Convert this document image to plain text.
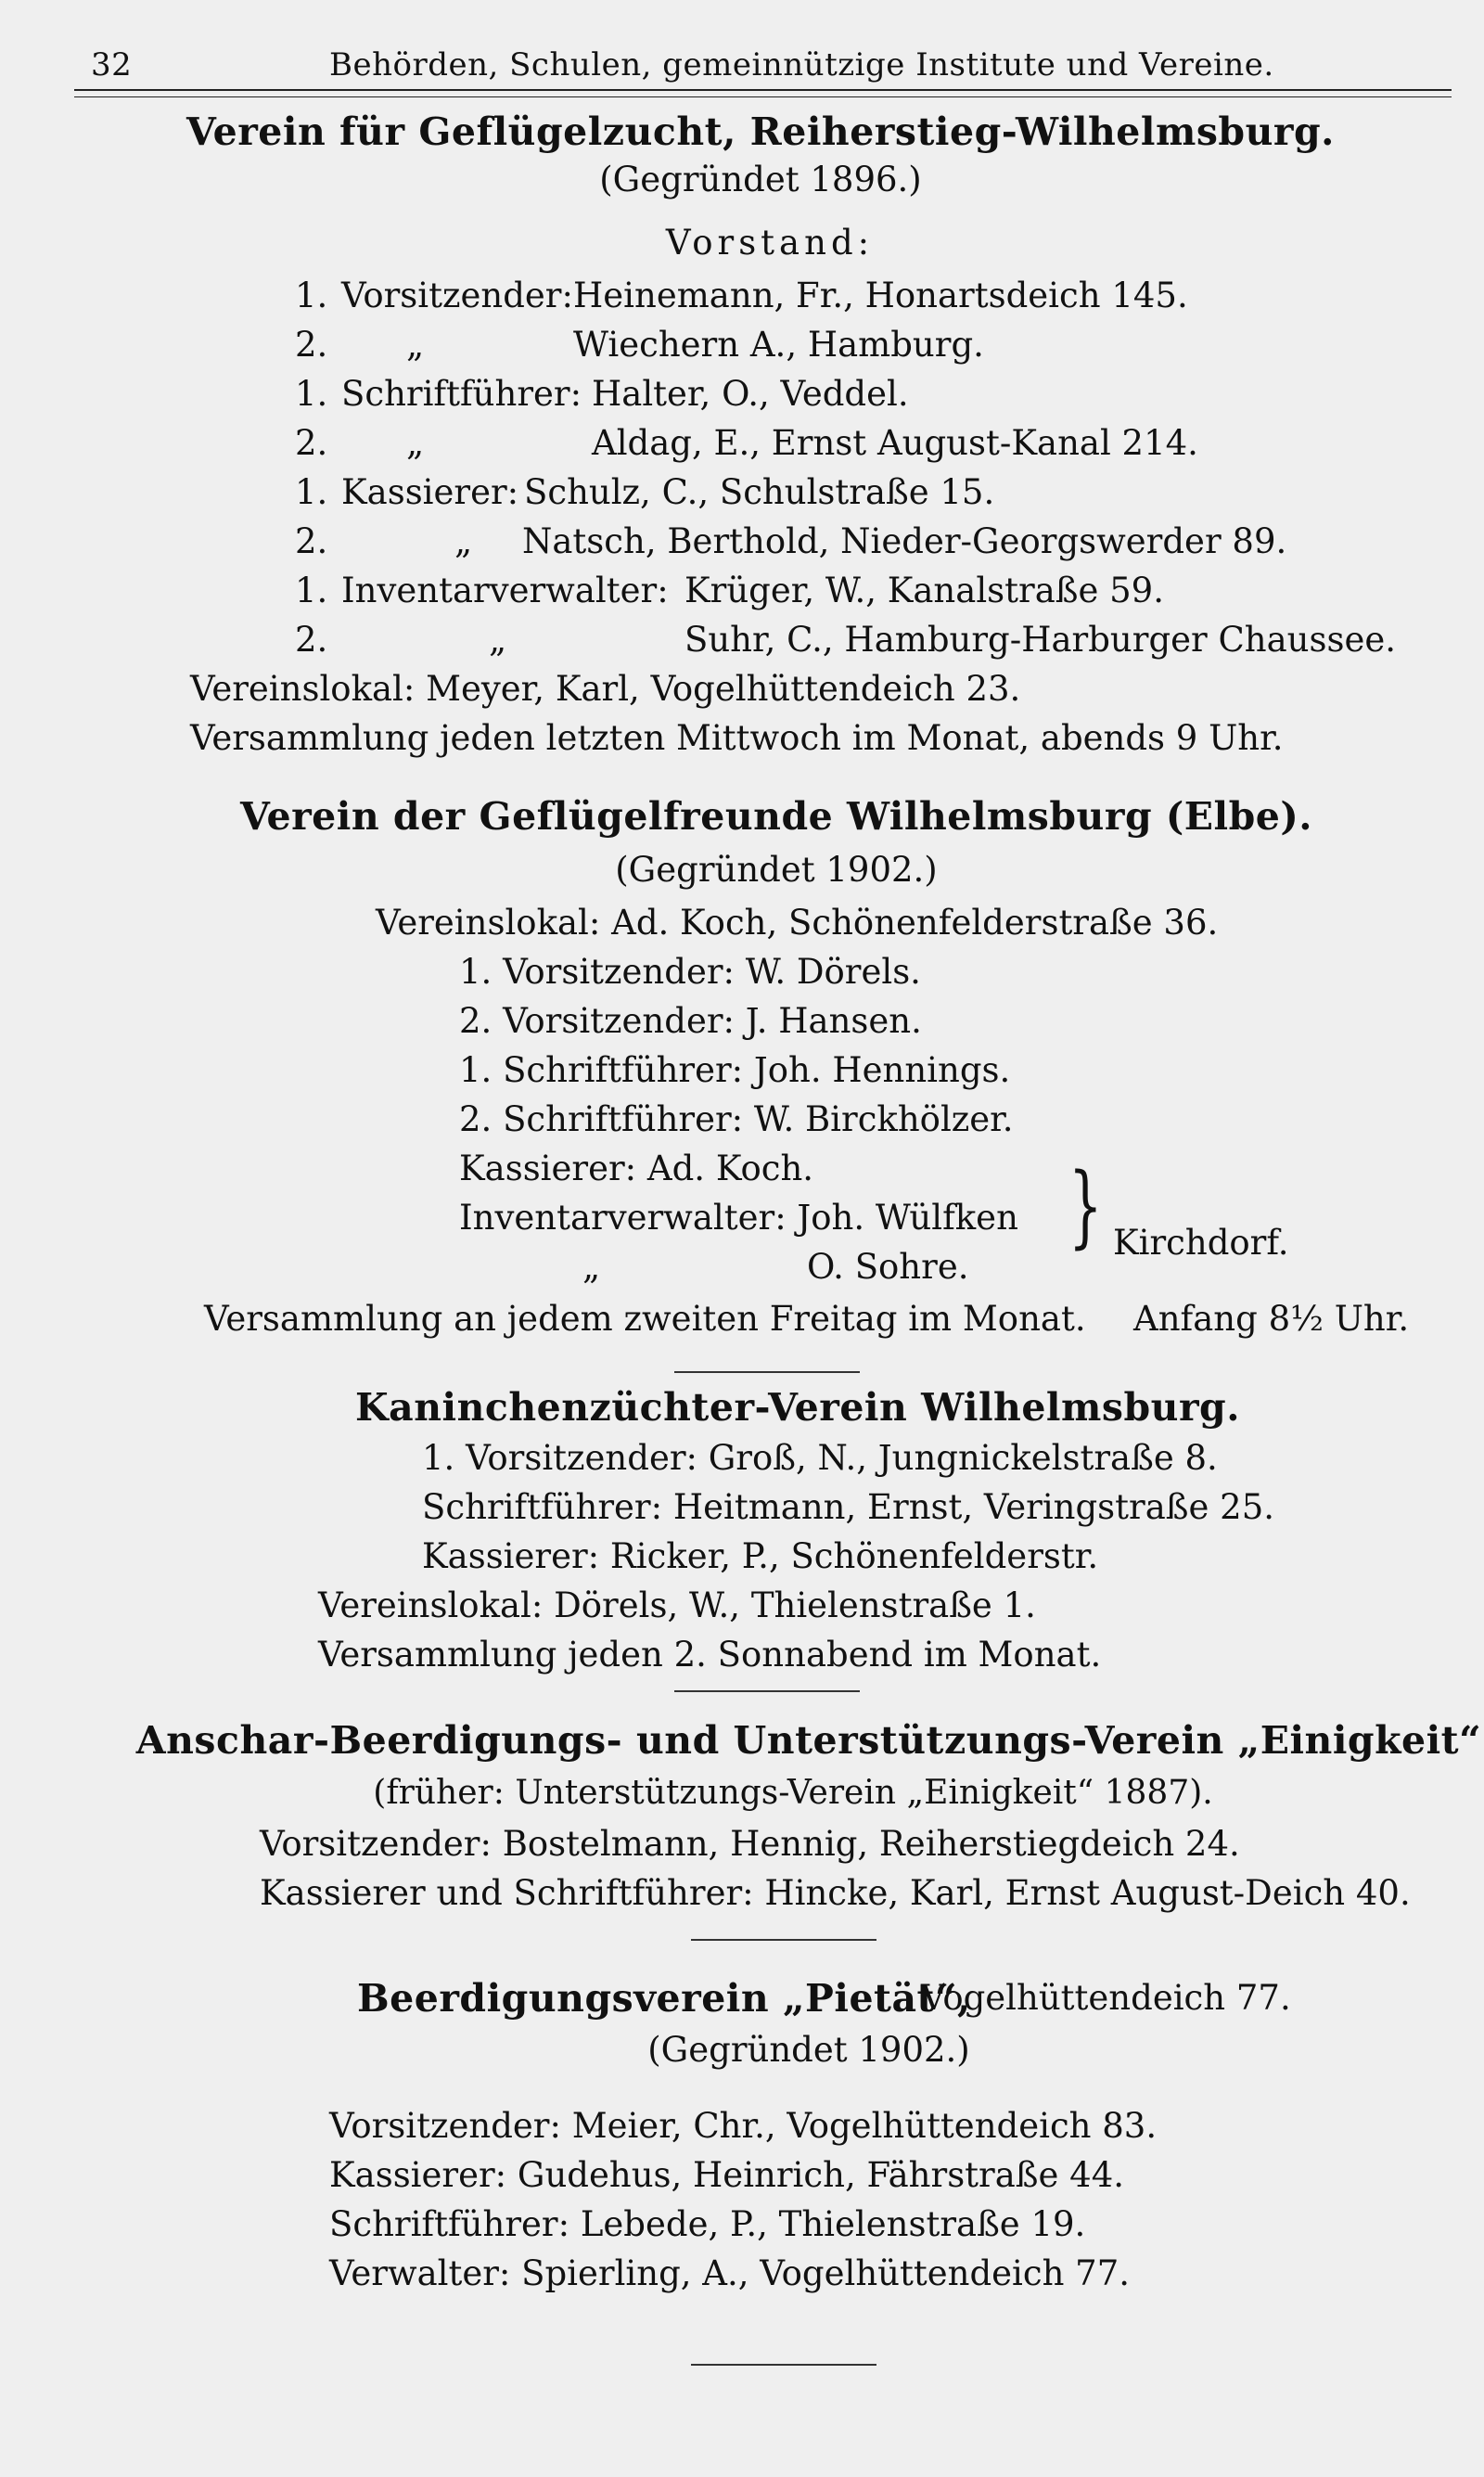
32	Behörden, Schulen, gemeinnützige Institute und Vereine.
Verein für Geflügelzucht, Reiherstieg-Wilhelmsburg.
(Gegründet 1896.)
Vorstand:
1. Vorsitzender: Heinemann, Fr., Honartsdeich 145.
2. „	Wiechern A., Hamburg.
1. Schriftführer: Halter, O., Veddel.
2. „	Aldag, E., Ernst August-Kanal 214.
1. Kassierer: Schulz, C., Schulstraße 15.
2.	„ Natsch, Berthold, Nieder-Georgswerder 89.
1. Inventarverwalter: Krüger, W., Kanalstraße 59.
2.	„	Suhr, C., Hamburg-Harburger Chaussee.
Vereinslokal: Meyer, Karl, Vogelhüttendeich 23.
Versammlung jeden letzten Mittwoch im Monat, abends 9 Uhr.
Verein der Geflügelfreunde Wilhelmsburg (Elbe).
(Gegründet 1902.)
Vereinslokal: Ad. Koch, Schönenfelderstraße 36.
1. Vorsitzender: W. Dörels.
2. Vorsitzender: J. Hansen.
1. Schriftführer: Joh. Hennings.
2. Schriftführer: W. Birckhölzer.
Kassierer: Ad. Koch.
Inventarverwalter: Joh. Wülfken
„	O. Sohre.
} Kirchdorf.
Versammlung an jedem zweiten Freitag im Monat. Anfang 8½ Uhr.
Kaninchenzüchter-Verein Wilhelmsburg.
1. Vorsitzender: Groß, N., Jungnickelstraße 8.
Schriftführer: Heitmann, Ernst, Veringstraße 25.
Kassierer: Ricker, P., Schönenfelderstr.
Vereinslokal: Dörels, W., Thielenstraße 1.
Versammlung jeden 2. Sonnabend im Monat.
Anschar-Beerdigungs- und Unterstützungs-Verein „Einigkeit“
(früher: Unterstützungs-Verein „Einigkeit“ 1887).
Vorsitzender: Bostelmann, Hennig, Reiherstiegdeich 24.
Kassierer und Schriftführer: Hincke, Karl, Ernst August-Deich 40.
Beerdigungsverein „Pietät“,
Vogelhüttendeich 77.
(Gegründet 1902.)
Vorsitzender: Meier, Chr., Vogelhüttendeich 83.
Kassierer: Gudehus, Heinrich, Fährstraße 44.
Schriftführer: Lebede, P., Thielenstraße 19.
Verwalter: Spierling, A., Vogelhüttendeich 77.
